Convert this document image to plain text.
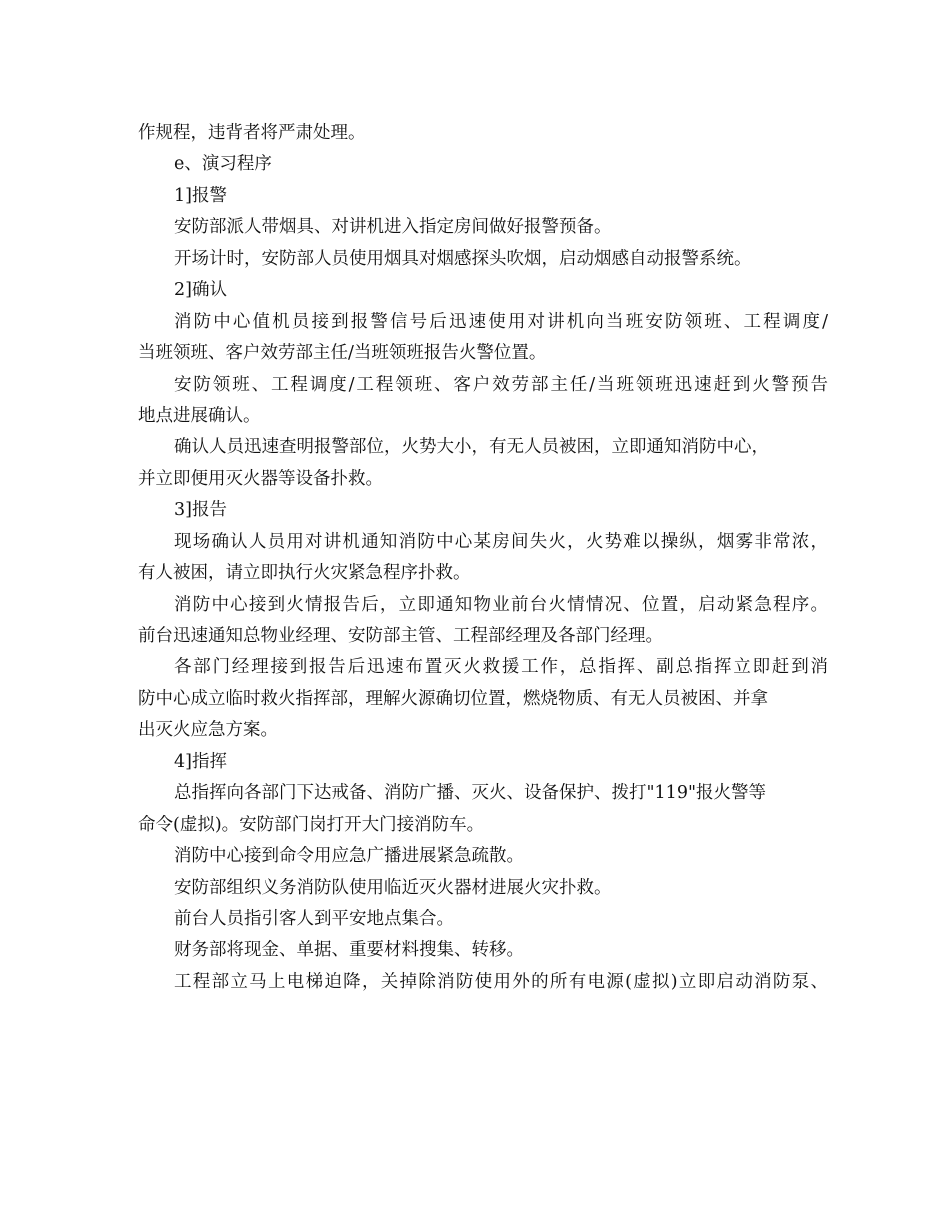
作规程，违背者将严肃处理。

e、演习程序

1]报警

安防部派人带烟具、对讲机进入指定房间做好报警预备。

开场计时，安防部人员使用烟具对烟感探头吹烟，启动烟感自动报警系统。

2]确认

消防中心值机员接到报警信号后迅速使用对讲机向当班安防领班、工程调度/

当班领班、客户效劳部主任/当班领班报告火警位置。

安防领班、工程调度/工程领班、客户效劳部主任/当班领班迅速赶到火警预告

地点进展确认。

确认人员迅速查明报警部位，火势大小，有无人员被困，立即通知消防中心，

并立即便用灭火器等设备扑救。

3]报告

现场确认人员用对讲机通知消防中心某房间失火，火势难以操纵，烟雾非常浓，

有人被困，请立即执行火灾紧急程序扑救。

消防中心接到火情报告后，立即通知物业前台火情情况、位置，启动紧急程序。

前台迅速通知总物业经理、安防部主管、工程部经理及各部门经理。

各部门经理接到报告后迅速布置灭火救援工作，总指挥、副总指挥立即赶到消

防中心成立临时救火指挥部，理解火源确切位置，燃烧物质、有无人员被困、并拿

出灭火应急方案。

4]指挥

总指挥向各部门下达戒备、消防广播、灭火、设备保护、拨打"119"报火警等

命令(虚拟)。安防部门岗打开大门接消防车。

消防中心接到命令用应急广播进展紧急疏散。

安防部组织义务消防队使用临近灭火器材进展火灾扑救。

前台人员指引客人到平安地点集合。

财务部将现金、单据、重要材料搜集、转移。

工程部立马上电梯迫降，关掉除消防使用外的所有电源(虚拟)立即启动消防泵、
